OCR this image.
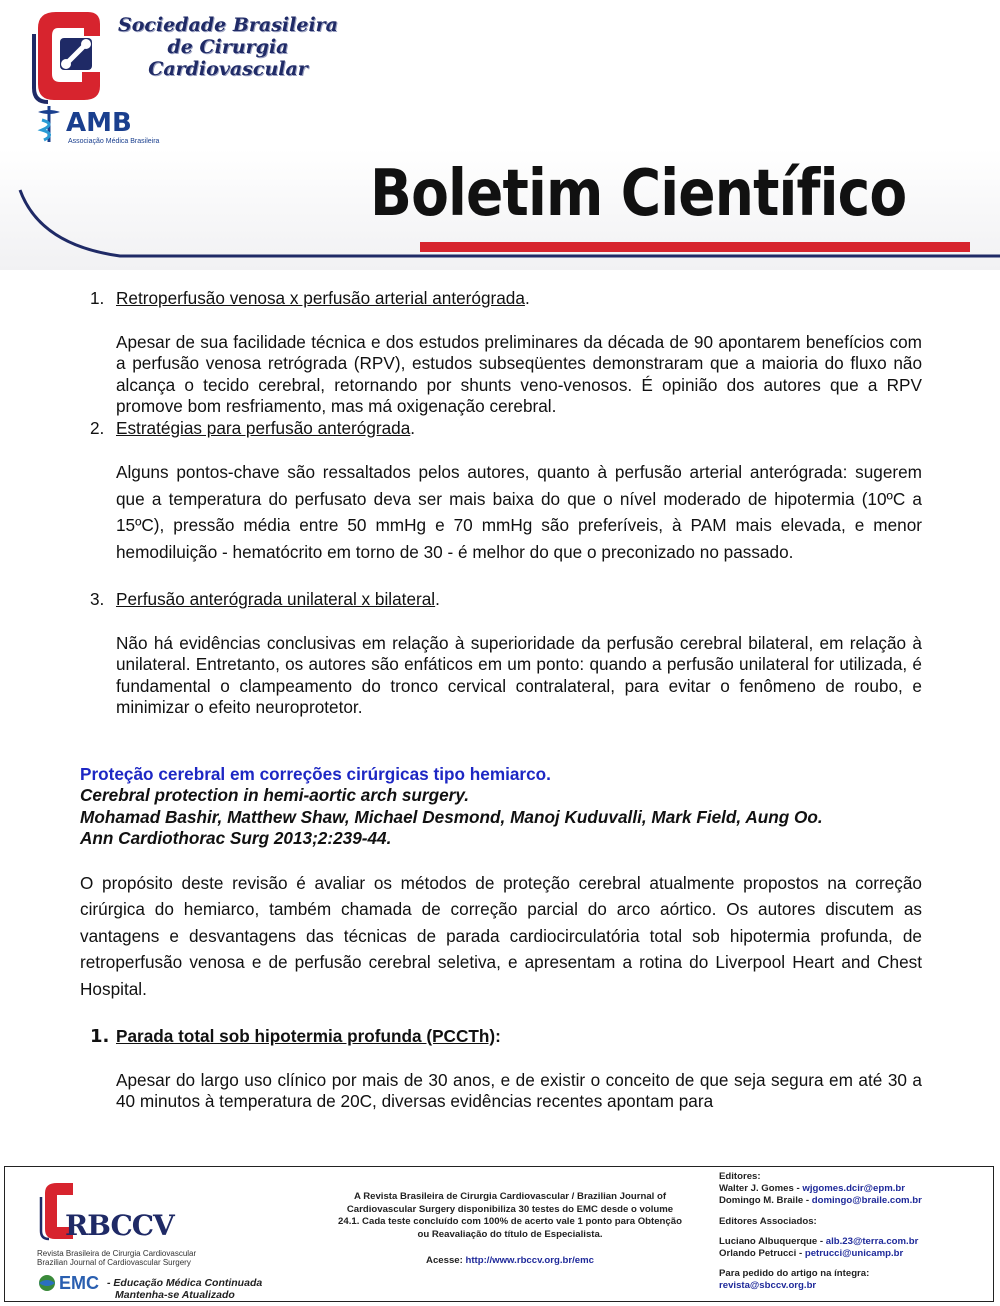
Sociedade Brasileira
de Cirurgia
Cardiovascular
AMB
Associação Médica Brasileira
Boletim Científico
1. Retroperfusão venosa x perfusão arterial anterógrada.

Apesar de sua facilidade técnica e dos estudos preliminares da década de 90 apontarem benefícios com a perfusão venosa retrógrada (RPV), estudos subseqüentes demonstraram que a maioria do fluxo não alcança o tecido cerebral, retornando por shunts veno-venosos. É opinião dos autores que a RPV promove bom resfriamento, mas má oxigenação cerebral.

2. Estratégias para perfusão anterógrada.

Alguns pontos-chave são ressaltados pelos autores, quanto à perfusão arterial anterógrada: sugerem que a temperatura do perfusato deva ser mais baixa do que o nível moderado de hipotermia (10ºC a 15ºC), pressão média entre 50 mmHg e 70 mmHg são preferíveis, à PAM mais elevada, e menor hemodiluição - hematócrito em torno de 30 - é melhor do que o preconizado no passado.

3. Perfusão anterógrada unilateral x bilateral.

Não há evidências conclusivas em relação à superioridade da perfusão cerebral bilateral, em relação à unilateral. Entretanto, os autores são enfáticos em um ponto: quando a perfusão unilateral for utilizada, é fundamental o clampeamento do tronco cervical contralateral, para evitar o fenômeno de roubo, e minimizar o efeito neuroprotetor.

Proteção cerebral em correções cirúrgicas tipo hemiarco.
Cerebral protection in hemi-aortic arch surgery.
Mohamad Bashir, Matthew Shaw, Michael Desmond, Manoj Kuduvalli, Mark Field, Aung Oo.
Ann Cardiothorac Surg 2013;2:239-44.

O propósito deste revisão é avaliar os métodos de proteção cerebral atualmente propostos na correção cirúrgica do hemiarco, também chamada de correção parcial do arco aórtico. Os autores discutem as vantagens e desvantagens das técnicas de parada cardiocirculatória total sob hipotermia profunda, de retroperfusão venosa e de perfusão cerebral seletiva, e apresentam a rotina do Liverpool Heart and Chest Hospital.

1. Parada total sob hipotermia profunda (PCCTh):

Apesar do largo uso clínico por mais de 30 anos, e de existir o conceito de que seja segura em até 30 a 40 minutos à temperatura de 20C, diversas evidências recentes apontam para

RBCCV
Revista Brasileira de Cirurgia Cardiovascular
Brazilian Journal of Cardiovascular Surgery
EMC - Educação Médica Continuada
Mantenha-se Atualizado
A Revista Brasileira de Cirurgia Cardiovascular / Brazilian Journal of Cardiovascular Surgery disponibiliza 30 testes do EMC desde o volume 24.1. Cada teste concluído com 100% de acerto vale 1 ponto para Obtenção ou Reavaliação do título de Especialista.
Acesse: http://www.rbccv.org.br/emc
Editores:
Walter J. Gomes - wjgomes.dcir@epm.br
Domingo M. Braile - domingo@braile.com.br
Editores Associados:
Luciano Albuquerque - alb.23@terra.com.br
Orlando Petrucci - petrucci@unicamp.br
Para pedido do artigo na íntegra:
revista@sbccv.org.br
